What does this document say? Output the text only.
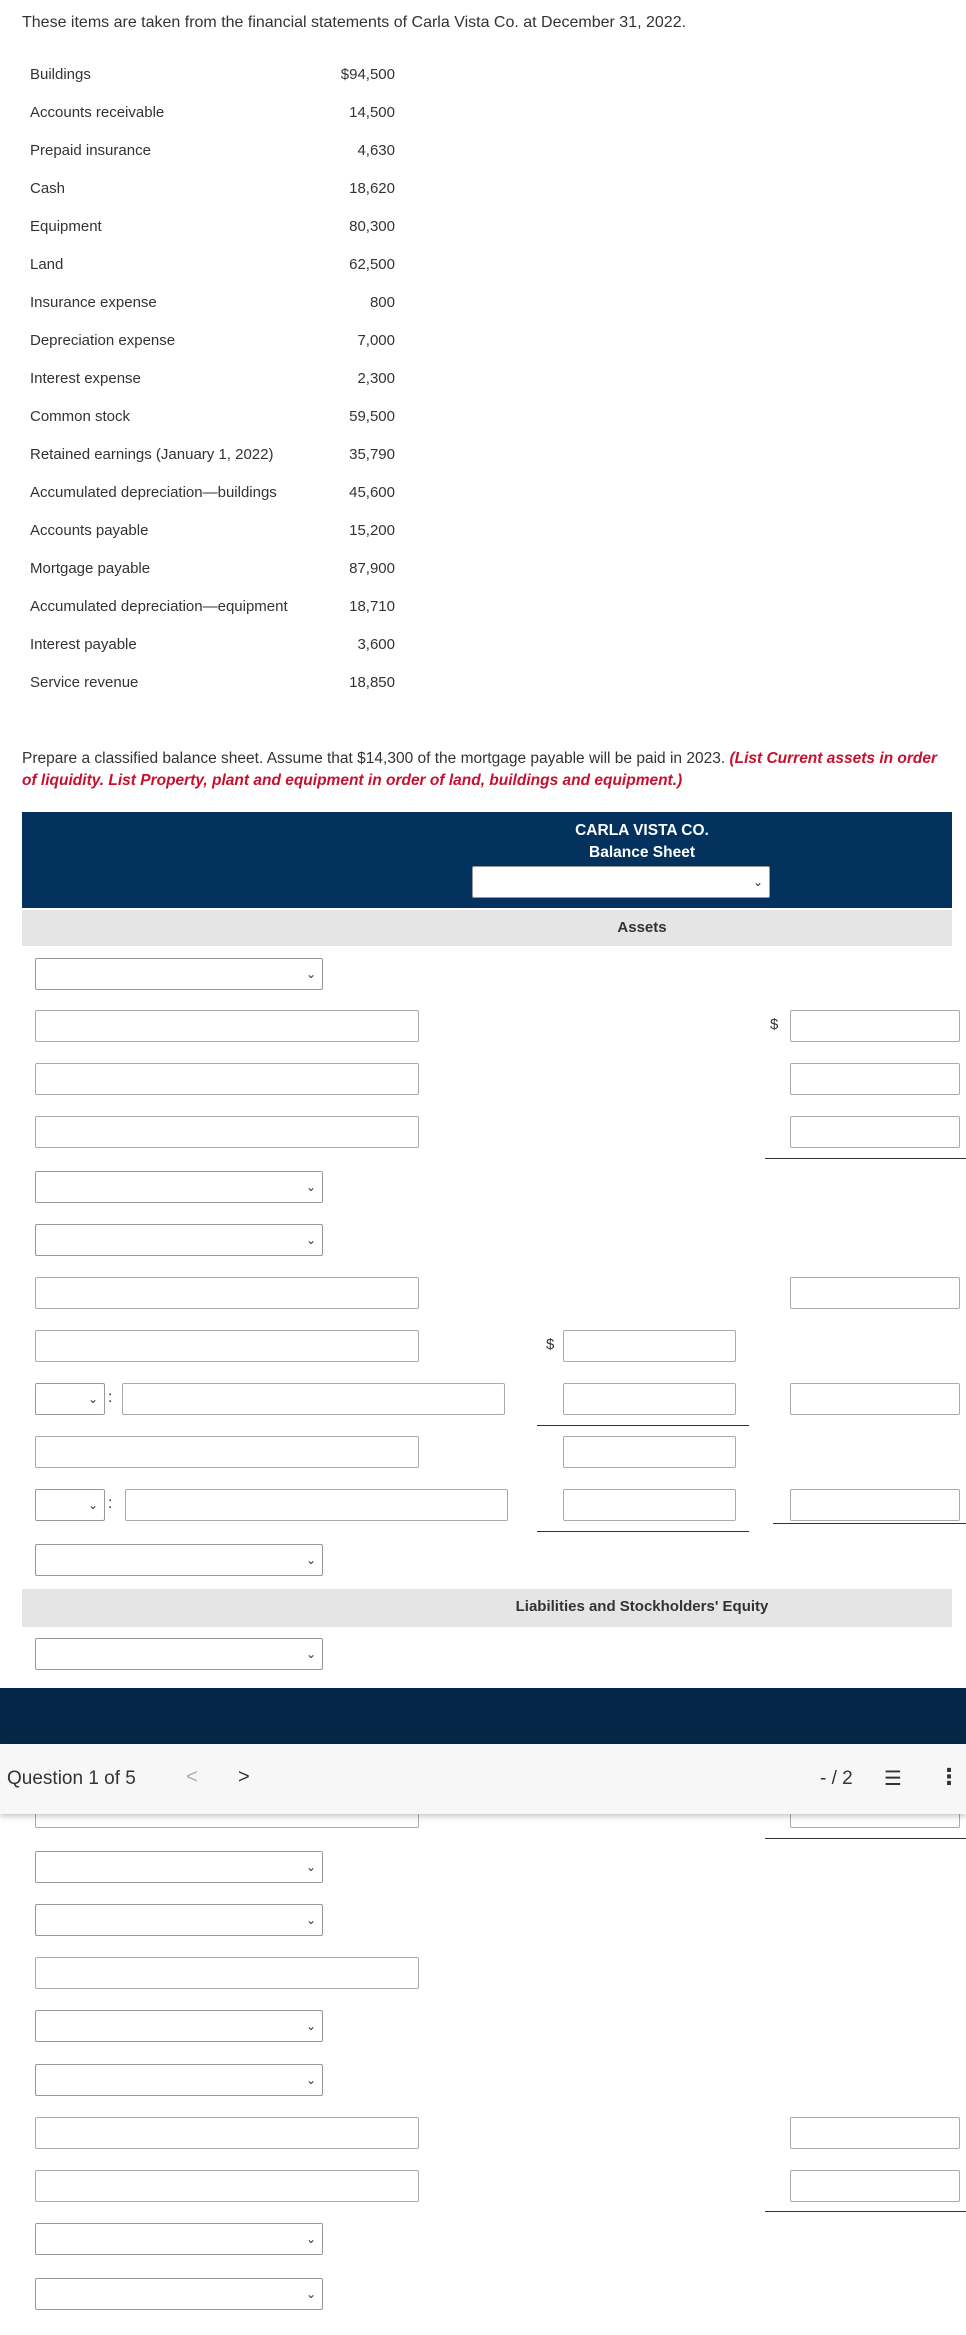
These items are taken from the financial statements of Carla Vista Co. at December 31, 2022.
Buildings	$94,500
Accounts receivable	14,500
Prepaid insurance	4,630
Cash	18,620
Equipment	80,300
Land	62,500
Insurance expense	800
Depreciation expense	7,000
Interest expense	2,300
Common stock	59,500
Retained earnings (January 1, 2022)	35,790
Accumulated depreciation—buildings	45,600
Accounts payable	15,200
Mortgage payable	87,900
Accumulated depreciation—equipment	18,710
Interest payable	3,600
Service revenue	18,850
Prepare a classified balance sheet. Assume that $14,300 of the mortgage payable will be paid in 2023. (List Current assets in order of liquidity. List Property, plant and equipment in order of land, buildings and equipment.)
CARLA VISTA CO.
Balance Sheet
⌄
Assets
⌄
$
⌄
⌄
$
⌄ :
⌄ :
⌄
Liabilities and Stockholders' Equity
⌄
⌄
⌄
⌄
⌄
⌄
⌄
Question 1 of 5	< >	- / 2 ☰ ⋮
